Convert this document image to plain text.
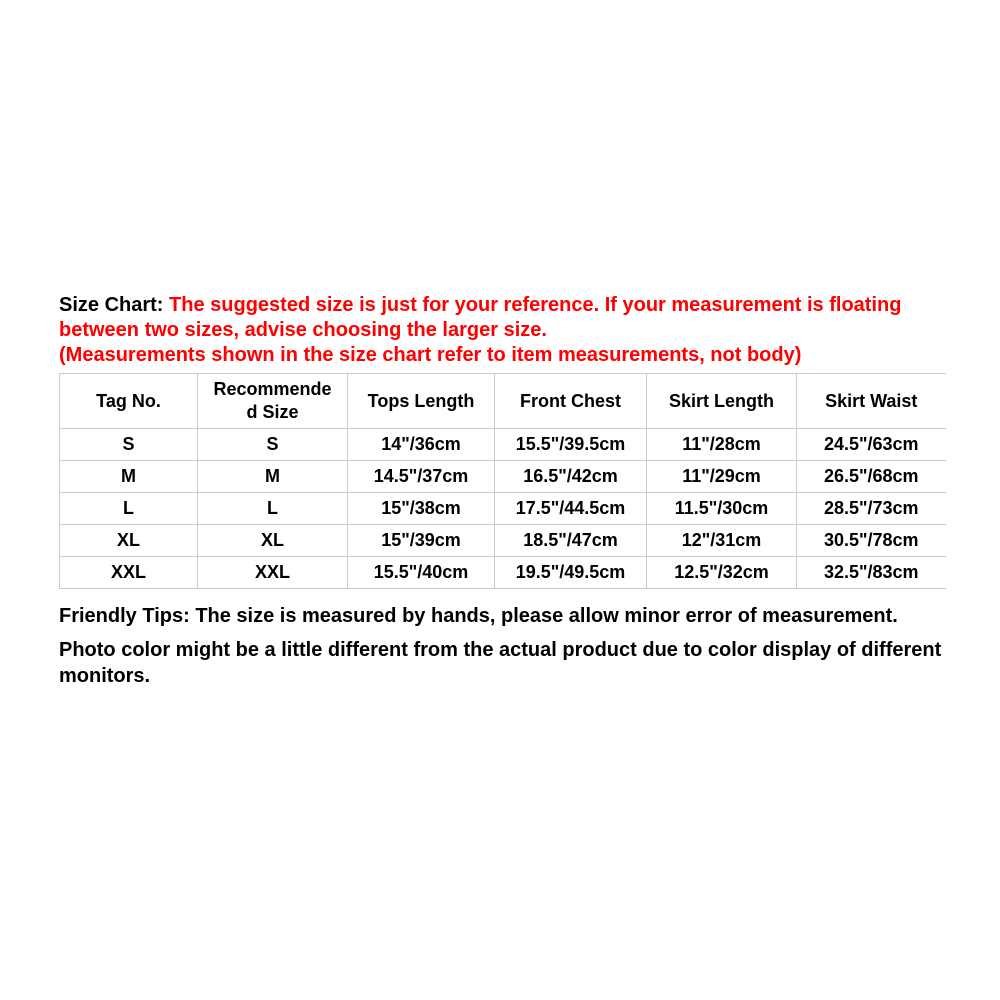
Size Chart: The suggested size is just for your reference. If your measurement is floating between two sizes, advise choosing the larger size.

(Measurements shown in the size chart refer to item measurements, not body)

Tag No.	Recommended Size	Tops Length	Front Chest	Skirt Length	Skirt Waist
S	S	14"/36cm	15.5"/39.5cm	11"/28cm	24.5"/63cm
M	M	14.5"/37cm	16.5"/42cm	11"/29cm	26.5"/68cm
L	L	15"/38cm	17.5"/44.5cm	11.5"/30cm	28.5"/73cm
XL	XL	15"/39cm	18.5"/47cm	12"/31cm	30.5"/78cm
XXL	XXL	15.5"/40cm	19.5"/49.5cm	12.5"/32cm	32.5"/83cm

Friendly Tips: The size is measured by hands, please allow minor error of measurement.

Photo color might be a little different from the actual product due to color display of different monitors.
